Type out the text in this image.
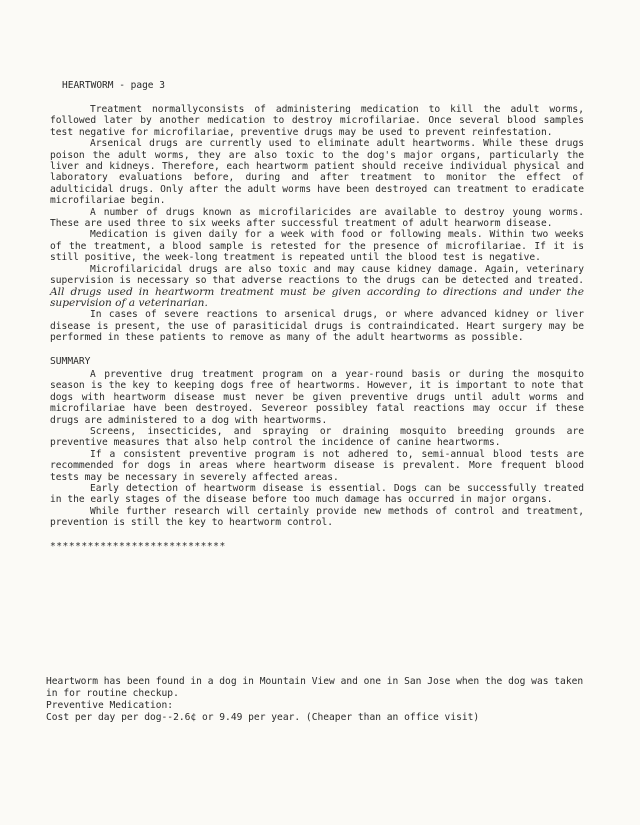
HEARTWORM - page 3

Treatment normallyconsists of administering medication to kill the adult worms, followed later by another medication to destroy microfilariae. Once several blood samples test negative for microfilariae, preventive drugs may be used to prevent reinfestation.

Arsenical drugs are currently used to eliminate adult heartworms. While these drugs poison the adult worms, they are also toxic to the dog's major organs, particularly the liver and kidneys. Therefore, each heartworm patient should receive individual physical and laboratory evaluations before, during and after treatment to monitor the effect of adulticidal drugs. Only after the adult worms have been destroyed can treatment to eradicate microfilariae begin.

A number of drugs known as microfilaricides are available to destroy young worms. These are used three to six weeks after successful treatment of adult hearworm disease.

Medication is given daily for a week with food or following meals. Within two weeks of the treatment, a blood sample is retested for the presence of microfilariae. If it is still positive, the week-long treatment is repeated until the blood test is negative.

Microfilaricidal drugs are also toxic and may cause kidney damage. Again, veterinary supervision is necessary so that adverse reactions to the drugs can be detected and treated. All drugs used in heartworm treatment must be given according to directions and under the supervision of a veterinarian.

In cases of severe reactions to arsenical drugs, or where advanced kidney or liver disease is present, the use of parasiticidal drugs is contraindicated. Heart surgery may be performed in these patients to remove as many of the adult heartworms as possible.

SUMMARY

A preventive drug treatment program on a year-round basis or during the mosquito season is the key to keeping dogs free of heartworms. However, it is important to note that dogs with heartworm disease must never be given preventive drugs until adult worms and microfilariae have been destroyed. Severeor possibley fatal reactions may occur if these drugs are administered to a dog with heartworms.

Screens, insecticides, and spraying or draining mosquito breeding grounds are preventive measures that also help control the incidence of canine heartworms.

If a consistent preventive program is not adhered to, semi-annual blood tests are recommended for dogs in areas where heartworm disease is prevalent. More frequent blood tests may be necessary in severely affected areas.

Early detection of heartworm disease is essential. Dogs can be successfully treated in the early stages of the disease before too much damage has occurred in major organs.

While further research will certainly provide new methods of control and treatment, prevention is still the key to heartworm control.

****************************

Heartworm has been found in a dog in Mountain View and one in San Jose when the dog was taken in for routine checkup.

Preventive Medication:

Cost per day per dog--2.6¢ or 9.49 per year. (Cheaper than an office visit)
